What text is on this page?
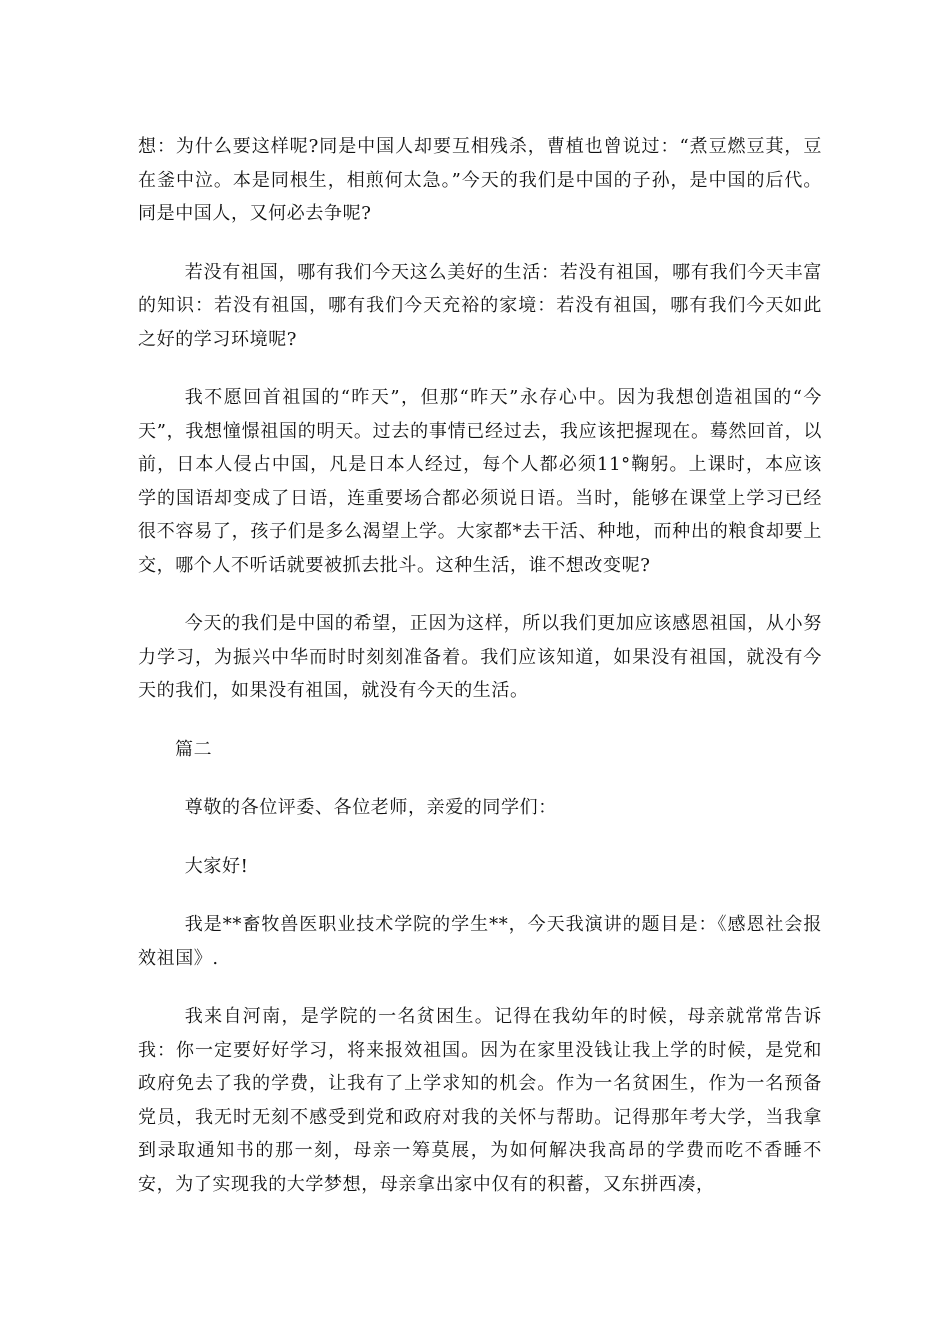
想：为什么要这样呢?同是中国人却要互相残杀，曹植也曾说过：“煮豆燃豆萁，豆在釜中泣。本是同根生，相煎何太急。”今天的我们是中国的子孙，是中国的后代。同是中国人，又何必去争呢?

若没有祖国，哪有我们今天这么美好的生活：若没有祖国，哪有我们今天丰富的知识：若没有祖国，哪有我们今天充裕的家境：若没有祖国，哪有我们今天如此之好的学习环境呢?

我不愿回首祖国的“昨天”，但那“昨天”永存心中。因为我想创造祖国的“今天”，我想憧憬祖国的明天。过去的事情已经过去，我应该把握现在。蓦然回首，以前，日本人侵占中国，凡是日本人经过，每个人都必须11°鞠躬。上课时，本应该学的国语却变成了日语，连重要场合都必须说日语。当时，能够在课堂上学习已经很不容易了，孩子们是多么渴望上学。大家都*去干活、种地，而种出的粮食却要上交，哪个人不听话就要被抓去批斗。这种生活，谁不想改变呢?

今天的我们是中国的希望，正因为这样，所以我们更加应该感恩祖国，从小努力学习，为振兴中华而时时刻刻准备着。我们应该知道，如果没有祖国，就没有今天的我们，如果没有祖国，就没有今天的生活。

篇二

尊敬的各位评委、各位老师，亲爱的同学们：

大家好!

我是**畜牧兽医职业技术学院的学生**，今天我演讲的题目是：《感恩社会报效祖国》.

我来自河南，是学院的一名贫困生。记得在我幼年的时候，母亲就常常告诉我：你一定要好好学习，将来报效祖国。因为在家里没钱让我上学的时候，是党和政府免去了我的学费，让我有了上学求知的机会。作为一名贫困生，作为一名预备党员，我无时无刻不感受到党和政府对我的关怀与帮助。记得那年考大学，当我拿到录取通知书的那一刻，母亲一筹莫展，为如何解决我高昂的学费而吃不香睡不安，为了实现我的大学梦想，母亲拿出家中仅有的积蓄，又东拼西凑，
